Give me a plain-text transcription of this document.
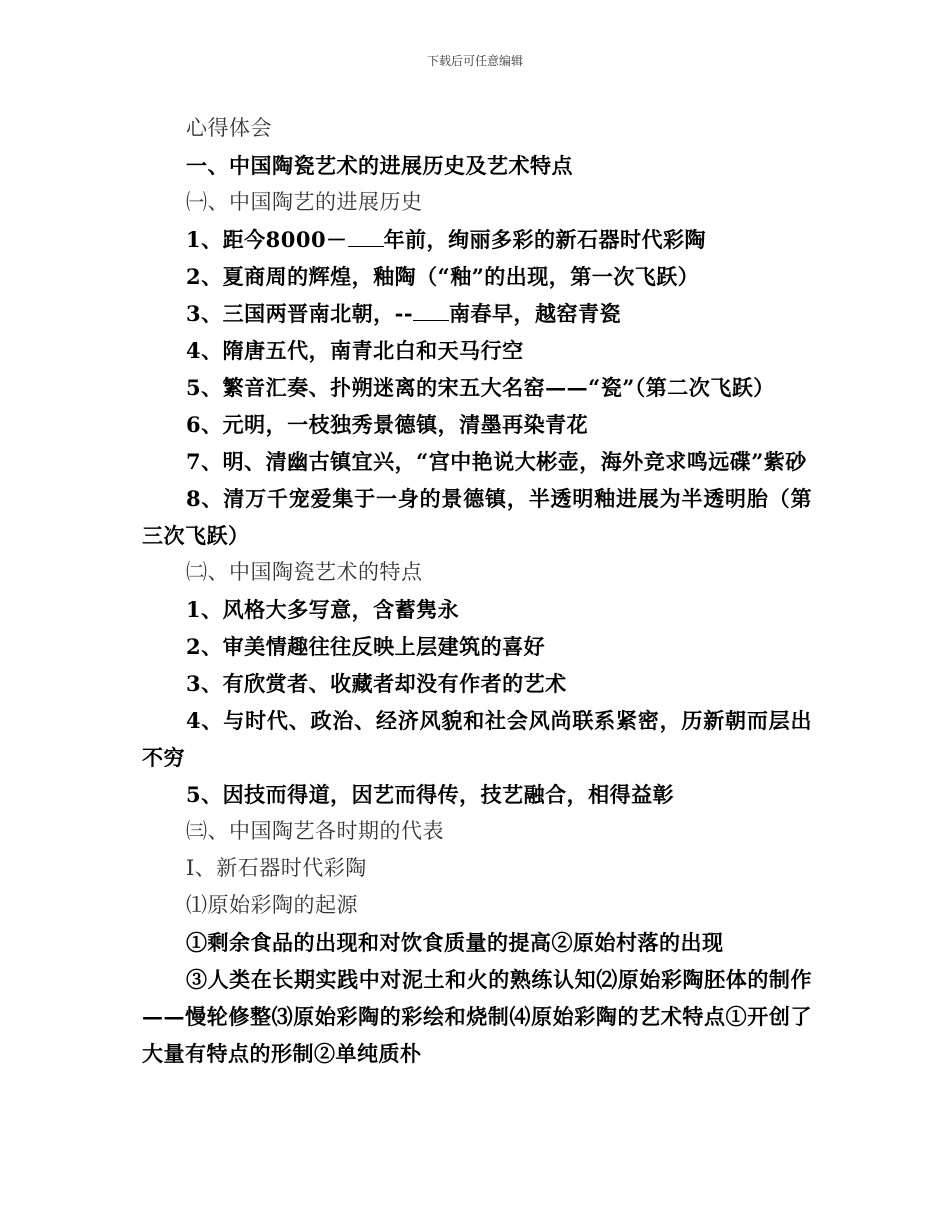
下载后可任意编辑
心得体会
一、中国陶瓷艺术的进展历史及艺术特点
㈠、中国陶艺的进展历史
1、距今8000－ 年前，绚丽多彩的新石器时代彩陶
2、夏商周的辉煌，釉陶（“釉”的出现，第一次飞跃）
3、三国两晋南北朝，-- 南春早，越窑青瓷
4、隋唐五代，南青北白和天马行空
5、繁音汇奏、扑朔迷离的宋五大名窑——“瓷”（第二次飞跃）
6、元明，一枝独秀景德镇，清墨再染青花
7、明、清幽古镇宜兴，“宫中艳说大彬壶，海外竞求鸣远碟”紫砂
8、清万千宠爱集于一身的景德镇，半透明釉进展为半透明胎（第三次飞跃）
㈡、中国陶瓷艺术的特点
1、风格大多写意，含蓄隽永
2、审美情趣往往反映上层建筑的喜好
3、有欣赏者、收藏者却没有作者的艺术
4、与时代、政治、经济风貌和社会风尚联系紧密，历新朝而层出不穷
5、因技而得道，因艺而得传，技艺融合，相得益彰
㈢、中国陶艺各时期的代表
Ⅰ、新石器时代彩陶
⑴原始彩陶的起源
①剩余食品的出现和对饮食质量的提高②原始村落的出现
③人类在长期实践中对泥土和火的熟练认知⑵原始彩陶胚体的制作——慢轮修整⑶原始彩陶的彩绘和烧制⑷原始彩陶的艺术特点①开创了大量有特点的形制②单纯质朴
